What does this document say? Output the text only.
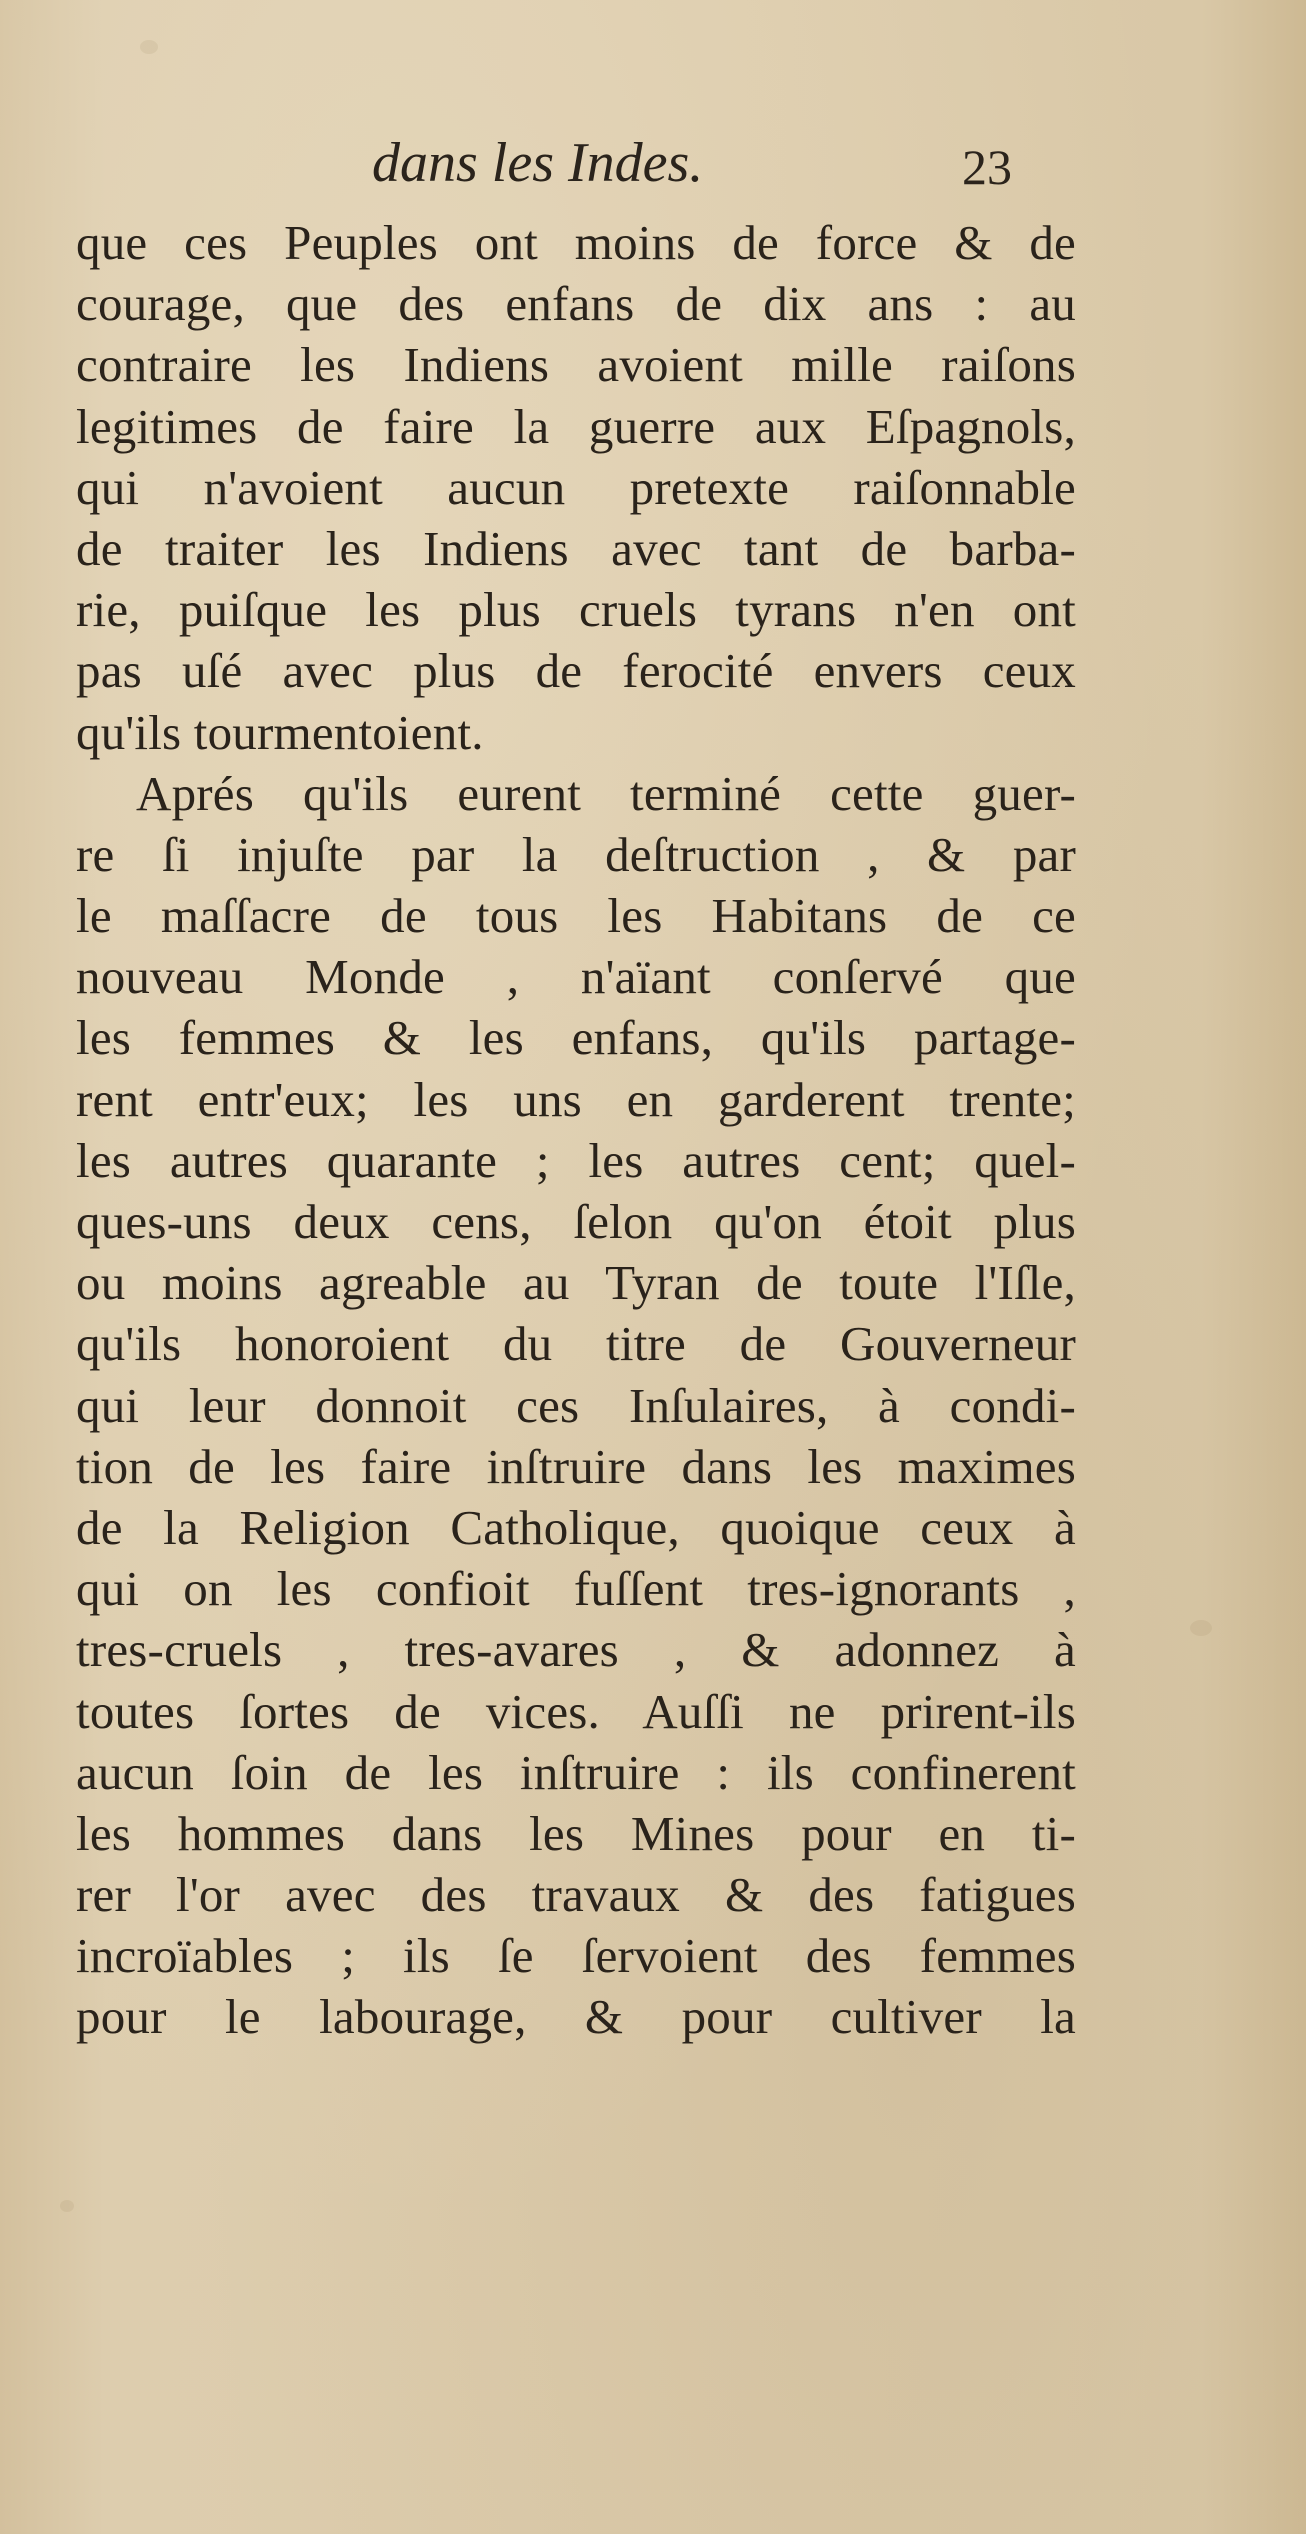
dans les Indes.	23
que ces Peuples ont moins de force & de
courage, que des enfans de dix ans : au
contraire les Indiens avoient mille raiſons
legitimes de faire la guerre aux Eſpagnols,
qui n'avoient aucun pretexte raiſonnable
de traiter les Indiens avec tant de barba-
rie, puiſque les plus cruels tyrans n'en ont
pas uſé avec plus de ferocité envers ceux
qu'ils tourmentoient.
Aprés qu'ils eurent terminé cette guer-
re ſi injuſte par la deſtruction , & par
le maſſacre de tous les Habitans de ce
nouveau Monde , n'aïant conſervé que
les femmes & les enfans, qu'ils partage-
rent entr'eux; les uns en garderent trente;
les autres quarante ; les autres cent; quel-
ques-uns deux cens, ſelon qu'on étoit plus
ou moins agreable au Tyran de toute l'Iſle,
qu'ils honoroient du titre de Gouverneur
qui leur donnoit ces Inſulaires, à condi-
tion de les faire inſtruire dans les maximes
de la Religion Catholique, quoique ceux à
qui on les confioit fuſſent tres-ignorants ,
tres-cruels , tres-avares , & adonnez à
toutes ſortes de vices. Auſſi ne prirent-ils
aucun ſoin de les inſtruire : ils confinerent
les hommes dans les Mines pour en ti-
rer l'or avec des travaux & des fatigues
incroïables ; ils ſe ſervoient des femmes
pour le labourage, & pour cultiver la
